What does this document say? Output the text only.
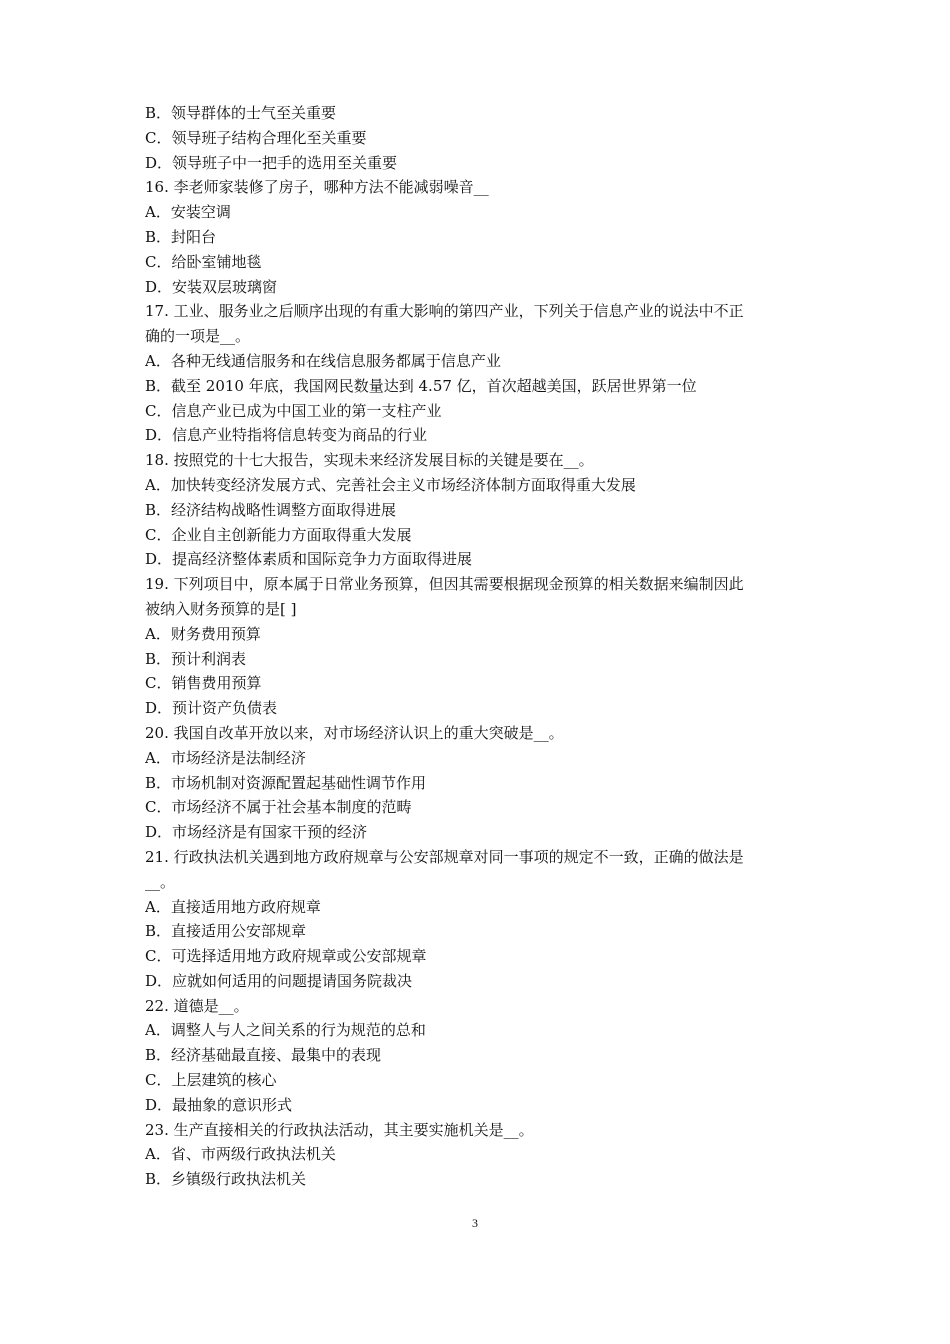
B．领导群体的士气至关重要
C．领导班子结构合理化至关重要
D．领导班子中一把手的选用至关重要
16. 李老师家装修了房子，哪种方法不能减弱噪音__
A．安装空调
B．封阳台
C．给卧室铺地毯
D．安装双层玻璃窗
17. 工业、服务业之后顺序出现的有重大影响的第四产业，下列关于信息产业的说法中不正
确的一项是__。
A．各种无线通信服务和在线信息服务都属于信息产业
B．截至 2010 年底，我国网民数量达到 4.57 亿，首次超越美国，跃居世界第一位
C．信息产业已成为中国工业的第一支柱产业
D．信息产业特指将信息转变为商品的行业
18. 按照党的十七大报告，实现未来经济发展目标的关键是要在__。
A．加快转变经济发展方式、完善社会主义市场经济体制方面取得重大发展
B．经济结构战略性调整方面取得进展
C．企业自主创新能力方面取得重大发展
D．提高经济整体素质和国际竞争力方面取得进展
19. 下列项目中，原本属于日常业务预算，但因其需要根据现金预算的相关数据来编制因此
被纳入财务预算的是[ ]
A．财务费用预算
B．预计利润表
C．销售费用预算
D．预计资产负债表
20. 我国自改革开放以来，对市场经济认识上的重大突破是__。
A．市场经济是法制经济
B．市场机制对资源配置起基础性调节作用
C．市场经济不属于社会基本制度的范畴
D．市场经济是有国家干预的经济
21. 行政执法机关遇到地方政府规章与公安部规章对同一事项的规定不一致，正确的做法是
__。
A．直接适用地方政府规章
B．直接适用公安部规章
C．可选择适用地方政府规章或公安部规章
D．应就如何适用的问题提请国务院裁决
22. 道德是__。
A．调整人与人之间关系的行为规范的总和
B．经济基础最直接、最集中的表现
C．上层建筑的核心
D．最抽象的意识形式
23. 生产直接相关的行政执法活动，其主要实施机关是__。
A．省、市两级行政执法机关
B．乡镇级行政执法机关
3
